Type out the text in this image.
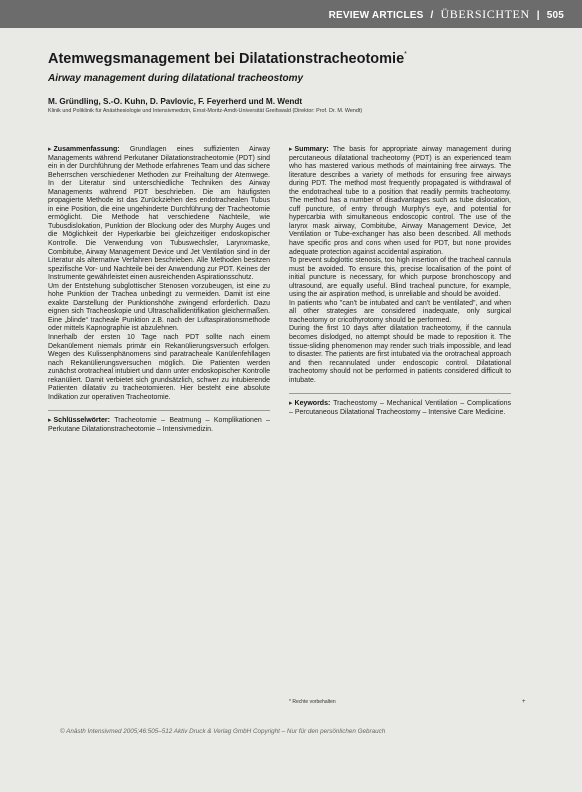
REVIEW ARTICLES / ÜBERSICHTEN | 505
Atemwegsmanagement bei Dilatationstracheotomie*
Airway management during dilatational tracheostomy
M. Gründling, S.-O. Kuhn, D. Pavlovic, F. Feyerherd und M. Wendt
Klinik und Poliklinik für Anästhesiologie und Intensivmedizin, Ernst-Moritz-Arndt-Universität Greifswald (Direktor: Prof. Dr. M. Wendt)

▸ Zusammenfassung: Grundlagen eines suffizienten Airway Managements während Perkutaner Dilatationstracheotomie (PDT) sind ein in der Durchführung der Methode erfahrenes Team und das sichere Beherrschen verschiedener Methoden zur Freihaltung der Atemwege. In der Literatur sind unterschiedliche Techniken des Airway Managements während PDT beschrieben. Die am häufigsten propagierte Methode ist das Zurückziehen des endotrachealen Tubus in eine Position, die eine ungehinderte Durchführung der Tracheotomie ermöglicht. Die Methode hat verschiedene Nachteile, wie Tubusdislokation, Punktion der Blockung oder des Murphy Auges und die Möglichkeit der Hyperkarbie bei gleichzeitiger endoskopischer Kontrolle. Die Verwendung von Tubuswechsler, Larynxmaske, Combitube, Airway Management Device und Jet Ventilation sind in der Literatur als alternative Verfahren beschrieben. Alle Methoden besitzen spezifische Vor- und Nachteile bei der Anwendung zur PDT. Keines der Instrumente gewährleistet einen ausreichenden Aspirationsschutz.

Um der Entstehung subglottischer Stenosen vorzubeugen, ist eine zu hohe Punktion der Trachea unbedingt zu vermeiden. Damit ist eine exakte Darstellung der Punktionshöhe zwingend erforderlich. Dazu eignen sich Tracheoskopie und Ultraschallidentifikation gleichermaßen. Eine „blinde“ tracheale Punktion z.B. nach der Luftaspirationsmethode oder mittels Kapnographie ist abzulehnen.

Innerhalb der ersten 10 Tage nach PDT sollte nach einem Dekanülement niemals primär ein Rekanülierungsversuch erfolgen. Wegen des Kulissenphänomens sind paratracheale Kanülenfehllagen nach Rekanülierungsversuchen möglich. Die Patienten werden zunächst orotracheal intubiert und dann unter endoskopischer Kontrolle rekanüliert. Damit verbietet sich grundsätzlich, schwer zu intubierende Patienten dilatativ zu tracheotomieren. Hier besteht eine absolute Indikation zur operativen Tracheotomie.

▸ Schlüsselwörter: Tracheotomie – Beatmung – Komplikationen – Perkutane Dilatationstracheotomie – Intensivmedizin.

▸ Summary: The basis for appropriate airway management during percutaneous dilatational tracheotomy (PDT) is an experienced team who has mastered various methods of maintaining free airways. The literature describes a variety of methods for ensuring free airways during PDT. The method most frequently propagated is withdrawal of the endotracheal tube to a position that readily permits tracheotomy. The method has a number of disadvantages such as tube dislocation, cuff puncture, of entry through Murphy's eye, and potential for hypercarbia with simultaneous endoscopic control. The use of the larynx mask airway, Combitube, Airway Management Device, Jet Ventilation or Tube-exchanger has also been described. All methods have specific pros and cons when used for PDT, but none provides adequate protection against accidental aspiration.

To prevent subglottic stenosis, too high insertion of the tracheal cannula must be avoided. To ensure this, precise localisation of the point of initial puncture is necessary, for which purpose bronchoscopy and ultrasound, are equally useful. Blind tracheal puncture, for example, using the air aspiration method, is unreliable and should be avoided.

In patients who "can't be intubated and can't be ventilated", and when all other strategies are considered inadequate, only surgical tracheotomy or cricothyrotomy should be performed.

During the first 10 days after dilatation tracheotomy, if the cannula becomes dislodged, no attempt should be made to reposition it. The tissue-sliding phenomenon may render such trials impossible, and lead to disaster. The patients are first intubated via the orotracheal approach and then recannulated under endoscopic control. Dilatational tracheotomy should not be performed in patients considered difficult to intubate.

▸ Keywords: Tracheostomy – Mechanical Ventilation – Complications – Percutaneous Dilatational Tracheostomy – Intensive Care Medicine.

* Rechte vorbehalten	+
© Anästh Intensivmed 2005;46:505–512 Aktiv Druck & Verlag GmbH Copyright – Nur für den persönlichen Gebrauch
